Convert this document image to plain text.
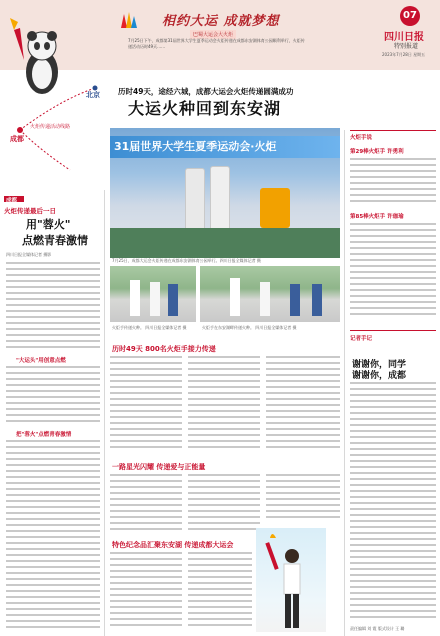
相约大运 成就梦想
巴蜀大运会大火炬
07
四川日报
特别报道
2023年7月28日 星期五
7月25日下午，成都第31届世界大学生夏季运动会火炬传递在成都东安湖体育公园顺利举行，火炬传递活动历时49天……
北京
成都
火炬传递活动线路
历时49天，途经六城，成都大运会火炬传递圆满成功
大运火种回到东安湖
31届世界大学生夏季运动会·火炬
7月25日，成都大运会火炬传递在成都东安湖体育公园举行。四川日报全媒体记者 摄
火炬手传递火种。 四川日报全媒体记者 摄	火炬手在东安湖畔传递火种。 四川日报全媒体记者 摄
成都
火炬传递最后一日
用"蓉火"
点燃青春激情
四川日报全媒体记者 摄影
"大运头"用创意点燃
把"蓉火"点燃青春激情
历时49天 800名火炬手接力传递
一路星光闪耀 传递爱与正能量
特色纪念品汇聚东安湖 传递成都大运会
火炬手说
第29棒火炬手 许勇利
第85棒火炬手 许珈瑜
记者手记
谢谢你，同学
谢谢你，成都
责任编辑 刘 霞 版式设计 王 璐
